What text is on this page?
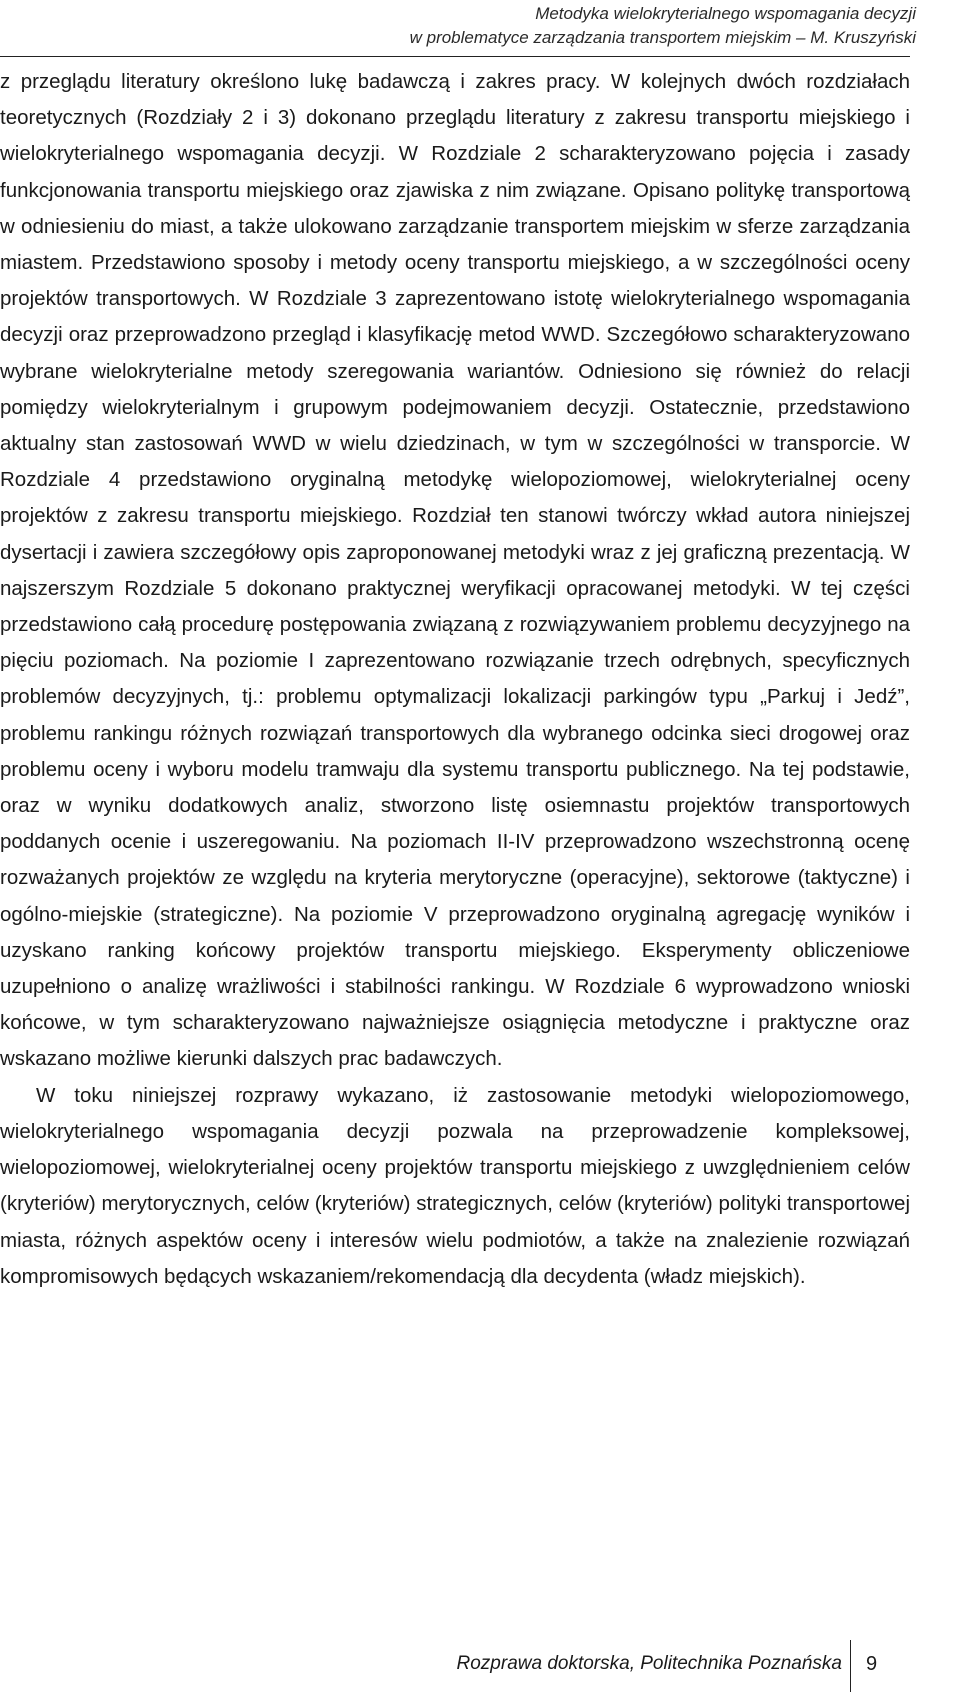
Metodyka wielokryterialnego wspomagania decyzji
w problematyce zarządzania transportem miejskim – M. Kruszyński

z przeglądu literatury określono lukę badawczą i zakres pracy. W kolejnych dwóch rozdziałach teoretycznych (Rozdziały 2 i 3) dokonano przeglądu literatury z zakresu transportu miejskiego i wielokryterialnego wspomagania decyzji. W Rozdziale 2 scharakteryzowano pojęcia i zasady funkcjonowania transportu miejskiego oraz zjawiska z nim związane. Opisano politykę transportową w odniesieniu do miast, a także ulokowano zarządzanie transportem miejskim w sferze zarządzania miastem. Przedstawiono sposoby i metody oceny transportu miejskiego, a w szczególności oceny projektów transportowych. W Rozdziale 3 zaprezentowano istotę wielokryterialnego wspomagania decyzji oraz przeprowadzono przegląd i klasyfikację metod WWD. Szczegółowo scharakteryzowano wybrane wielokryterialne metody szeregowania wariantów. Odniesiono się również do relacji pomiędzy wielokryterialnym i grupowym podejmowaniem decyzji. Ostatecznie, przedstawiono aktualny stan zastosowań WWD w wielu dziedzinach, w tym w szczególności w transporcie. W Rozdziale 4 przedstawiono oryginalną metodykę wielopoziomowej, wielokryterialnej oceny projektów z zakresu transportu miejskiego. Rozdział ten stanowi twórczy wkład autora niniejszej dysertacji i zawiera szczegółowy opis zaproponowanej metodyki wraz z jej graficzną prezentacją. W najszerszym Rozdziale 5 dokonano praktycznej weryfikacji opracowanej metodyki. W tej części przedstawiono całą procedurę postępowania związaną z rozwiązywaniem problemu decyzyjnego na pięciu poziomach. Na poziomie I zaprezentowano rozwiązanie trzech odrębnych, specyficznych problemów decyzyjnych, tj.: problemu optymalizacji lokalizacji parkingów typu „Parkuj i Jedź”, problemu rankingu różnych rozwiązań transportowych dla wybranego odcinka sieci drogowej oraz problemu oceny i wyboru modelu tramwaju dla systemu transportu publicznego. Na tej podstawie, oraz w wyniku dodatkowych analiz, stworzono listę osiemnastu projektów transportowych poddanych ocenie i uszeregowaniu. Na poziomach II-IV przeprowadzono wszechstronną ocenę rozważanych projektów ze względu na kryteria merytoryczne (operacyjne), sektorowe (taktyczne) i ogólno-miejskie (strategiczne). Na poziomie V przeprowadzono oryginalną agregację wyników i uzyskano ranking końcowy projektów transportu miejskiego. Eksperymenty obliczeniowe uzupełniono o analizę wrażliwości i stabilności rankingu. W Rozdziale 6 wyprowadzono wnioski końcowe, w tym scharakteryzowano najważniejsze osiągnięcia metodyczne i praktyczne oraz wskazano możliwe kierunki dalszych prac badawczych.

W toku niniejszej rozprawy wykazano, iż zastosowanie metodyki wielopoziomowego, wielokryterialnego wspomagania decyzji pozwala na przeprowadzenie kompleksowej, wielopoziomowej, wielokryterialnej oceny projektów transportu miejskiego z uwzględnieniem celów (kryteriów) merytorycznych, celów (kryteriów) strategicznych, celów (kryteriów) polityki transportowej miasta, różnych aspektów oceny i interesów wielu podmiotów, a także na znalezienie rozwiązań kompromisowych będących wskazaniem/rekomendacją dla decydenta (władz miejskich).

Rozprawa doktorska, Politechnika Poznańska 9
